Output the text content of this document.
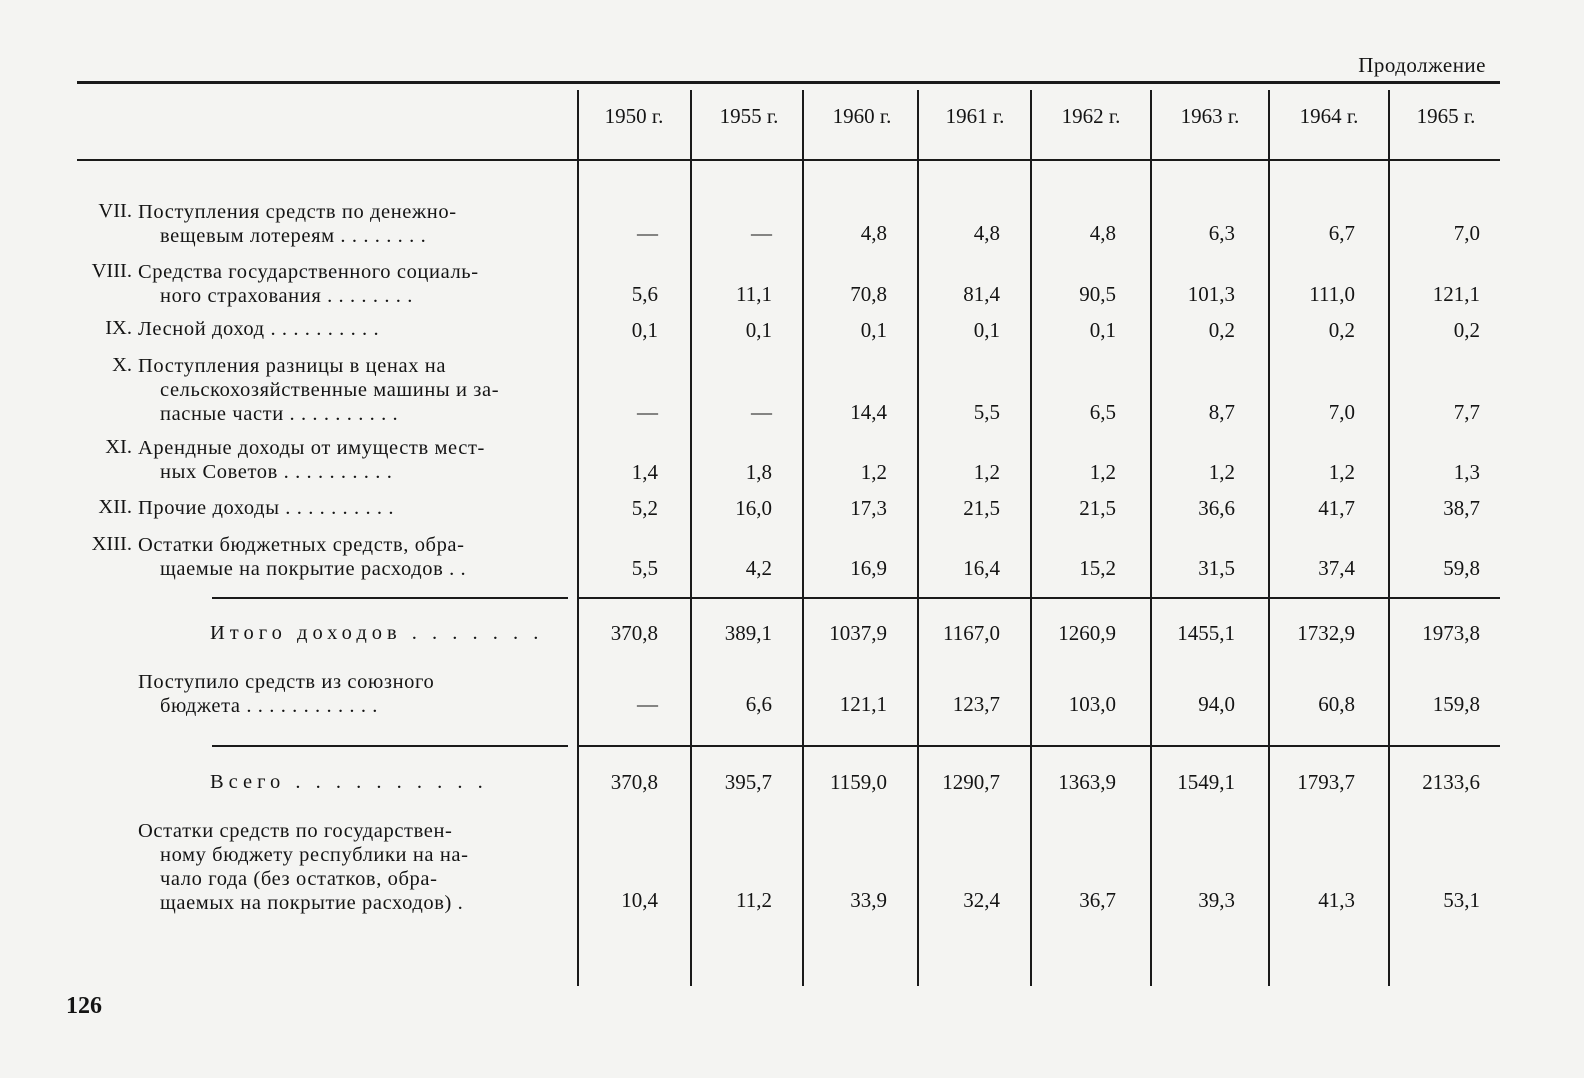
Продолжение
1950 г.	1955 г.	1960 г.	1961 г.	1962 г.	1963 г.	1964 г.	1965 г.
VII. Поступления средств по денежно-
вещевым лотереям . . . . . . . .	—	—	4,8	4,8	4,8	6,3	6,7	7,0
VIII. Средства государственного социаль-
ного страхования . . . . . . . .	5,6	11,1	70,8	81,4	90,5	101,3	111,0	121,1
IX. Лесной доход . . . . . . . . . .	0,1	0,1	0,1	0,1	0,1	0,2	0,2	0,2
X. Поступления разницы в ценах на
сельскохозяйственные машины и за-
пасные части . . . . . . . . . .	—	—	14,4	5,5	6,5	8,7	7,0	7,7
XI. Арендные доходы от имуществ мест-
ных Советов . . . . . . . . . .	1,4	1,8	1,2	1,2	1,2	1,2	1,2	1,3
XII. Прочие доходы . . . . . . . . . .	5,2	16,0	17,3	21,5	21,5	36,6	41,7	38,7
XIII. Остатки бюджетных средств, обра-
щаемые на покрытие расходов . .	5,5	4,2	16,9	16,4	15,2	31,5	37,4	59,8
Итого доходов . . . . . . .	370,8	389,1	1037,9	1167,0	1260,9	1455,1	1732,9	1973,8
Поступило средств из союзного
бюджета . . . . . . . . . . . .	—	6,6	121,1	123,7	103,0	94,0	60,8	159,8
Всего . . . . . . . . . .	370,8	395,7	1159,0	1290,7	1363,9	1549,1	1793,7	2133,6
Остатки средств по государствен-
ному бюджету республики на на-
чало года (без остатков, обра-
щаемых на покрытие расходов) .	10,4	11,2	33,9	32,4	36,7	39,3	41,3	53,1
126
